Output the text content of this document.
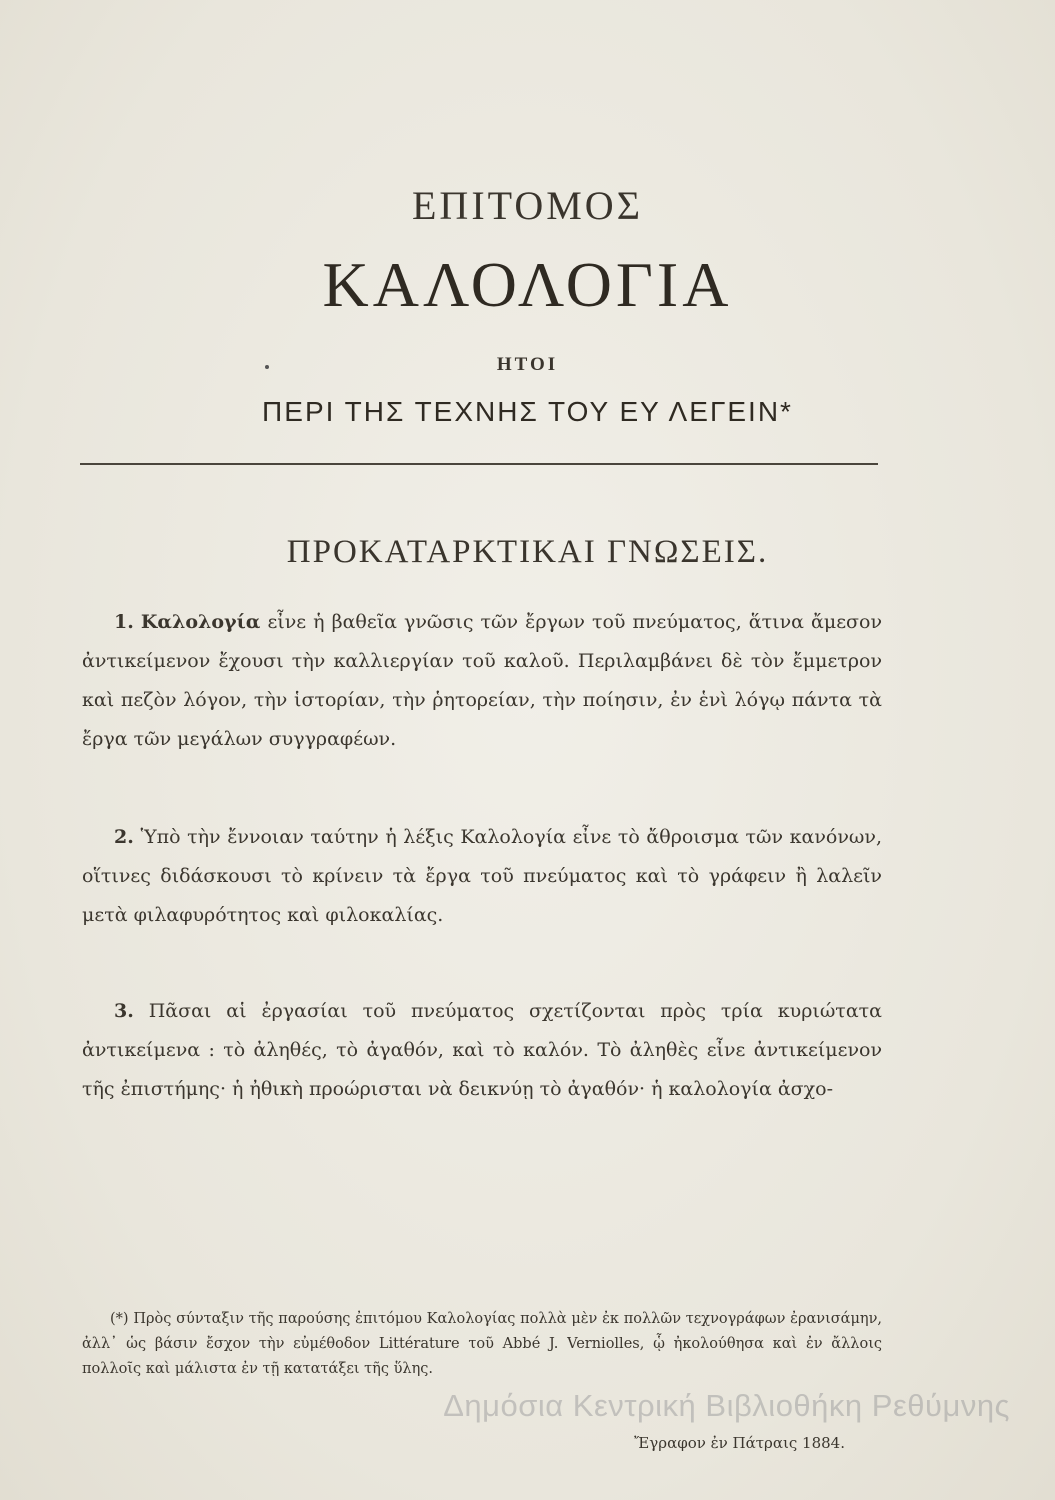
ΕΠΙΤΟΜΟΣ
ΚΑΛΟΛΟΓΙΑ
ΗΤΟΙ
ΠΕΡΙ ΤΗΣ ΤΕΧΝΗΣ ΤΟΥ ΕΥ ΛΕΓΕΙΝ*
ΠΡΟΚΑΤΑΡΚΤΙΚΑΙ ΓΝΩΣΕΙΣ.

1. Καλολογία εἶνε ἡ βαθεῖα γνῶσις τῶν ἔργων τοῦ πνεύματος, ἅτινα ἄμεσον ἀντικείμενον ἔχουσι τὴν καλλιεργίαν τοῦ καλοῦ. Περιλαμβάνει δὲ τὸν ἔμμετρον καὶ πεζὸν λόγον, τὴν ἱστορίαν, τὴν ῥητορείαν, τὴν ποίησιν, ἐν ἑνὶ λόγῳ πάντα τὰ ἔργα τῶν μεγάλων συγγραφέων.

2. Ὑπὸ τὴν ἔννοιαν ταύτην ἡ λέξις Καλολογία εἶνε τὸ ἄθροισμα τῶν κανόνων, οἵτινες διδάσκουσι τὸ κρίνειν τὰ ἔργα τοῦ πνεύματος καὶ τὸ γράφειν ἢ λαλεῖν μετὰ φιλαφυρότητος καὶ φιλοκαλίας.

3. Πᾶσαι αἱ ἐργασίαι τοῦ πνεύματος σχετίζονται πρὸς τρία κυριώτατα ἀντικείμενα : τὸ ἀληθές, τὸ ἀγαθόν, καὶ τὸ καλόν. Τὸ ἀληθὲς εἶνε ἀντικείμενον τῆς ἐπιστήμης· ἡ ἠθικὴ προώρισται νὰ δεικνύῃ τὸ ἀγαθόν· ἡ καλολογία ἀσχο-

(*) Πρὸς σύνταξιν τῆς παρούσης ἐπιτόμου Καλολογίας πολλὰ μὲν ἐκ πολλῶν τεχνογράφων ἐρανισάμην, ἀλλ᾽ ὡς βάσιν ἔσχον τὴν εὐμέθοδον Littérature τοῦ Abbé J. Verniolles, ᾧ ἠκολούθησα καὶ ἐν ἄλλοις πολλοῖς καὶ μάλιστα ἐν τῇ κατατάξει τῆς ὕλης.
Ἔγραφον ἐν Πάτραις 1884.
Δημόσια Κεντρική Βιβλιοθήκη Ρεθύμνης
